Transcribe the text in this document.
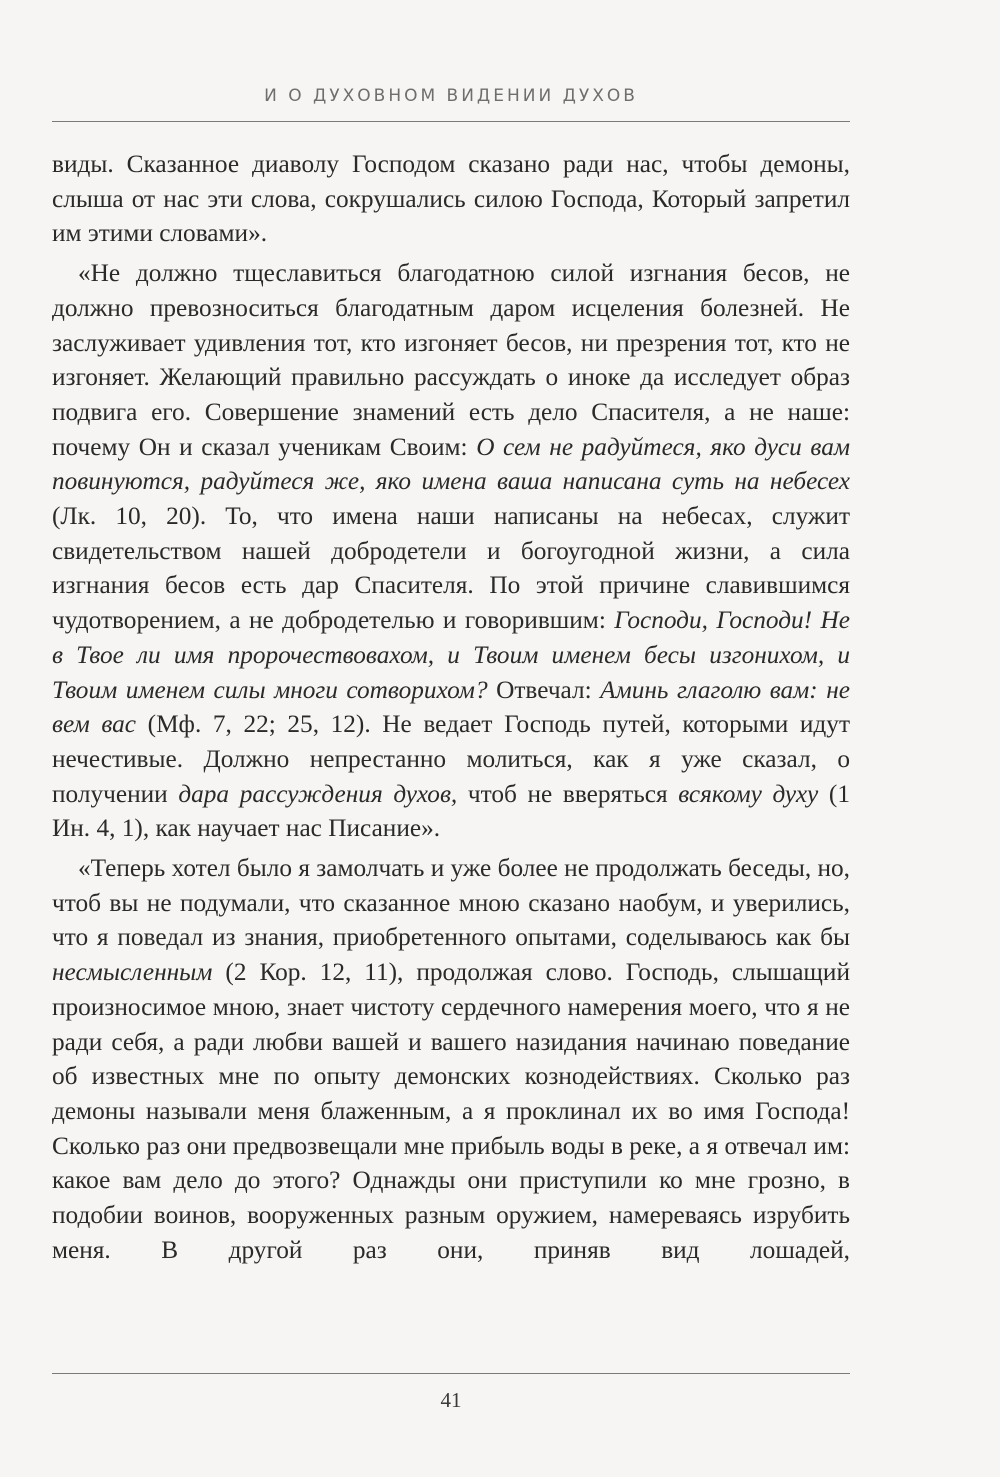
И О ДУХОВНОМ ВИДЕНИИ ДУХОВ

виды. Сказанное диаволу Господом сказано ради нас, чтобы демоны, слыша от нас эти слова, сокрушались силою Господа, Который запретил им этими словами».

«Не должно тщеславиться благодатною силой изгнания бесов, не должно превозноситься благодатным даром исцеления болезней. Не заслуживает удивления тот, кто изгоняет бесов, ни презрения тот, кто не изгоняет. Желающий правильно рассуждать о иноке да исследует образ подвига его. Совершение знамений есть дело Спасителя, а не наше: почему Он и сказал ученикам Своим: О сем не радуйтеся, яко дуси вам повинуются, радуйтеся же, яко имена ваша написана суть на небесех (Лк. 10, 20). То, что имена наши написаны на небесах, служит свидетельством нашей добродетели и богоугодной жизни, а сила изгнания бесов есть дар Спасителя. По этой причине славившимся чудотворением, а не добродетелью и говорившим: Господи, Господи! Не в Твое ли имя пророчествовахом, и Твоим именем бесы изгонихом, и Твоим именем силы многи сотворихом? Отвечал: Аминь глаголю вам: не вем вас (Мф. 7, 22; 25, 12). Не ведает Господь путей, которыми идут нечестивые. Должно непрестанно молиться, как я уже сказал, о получении дара рассуждения духов, чтоб не вверяться всякому духу (1 Ин. 4, 1), как научает нас Писание».

«Теперь хотел было я замолчать и уже более не продолжать беседы, но, чтоб вы не подумали, что сказанное мною сказано наобум, и уверились, что я поведал из знания, приобретенного опытами, соделываюсь как бы несмысленным (2 Кор. 12, 11), продолжая слово. Господь, слышащий произносимое мною, знает чистоту сердечного намерения моего, что я не ради себя, а ради любви вашей и вашего назидания начинаю поведание об известных мне по опыту демонских кознодействиях. Сколько раз демоны называли меня блаженным, а я проклинал их во имя Господа! Сколько раз они предвозвещали мне прибыль воды в реке, а я отвечал им: какое вам дело до этого? Однажды они приступили ко мне грозно, в подобии воинов, вооруженных разным оружием, намереваясь изрубить меня. В другой раз они, приняв вид лошадей,

41
